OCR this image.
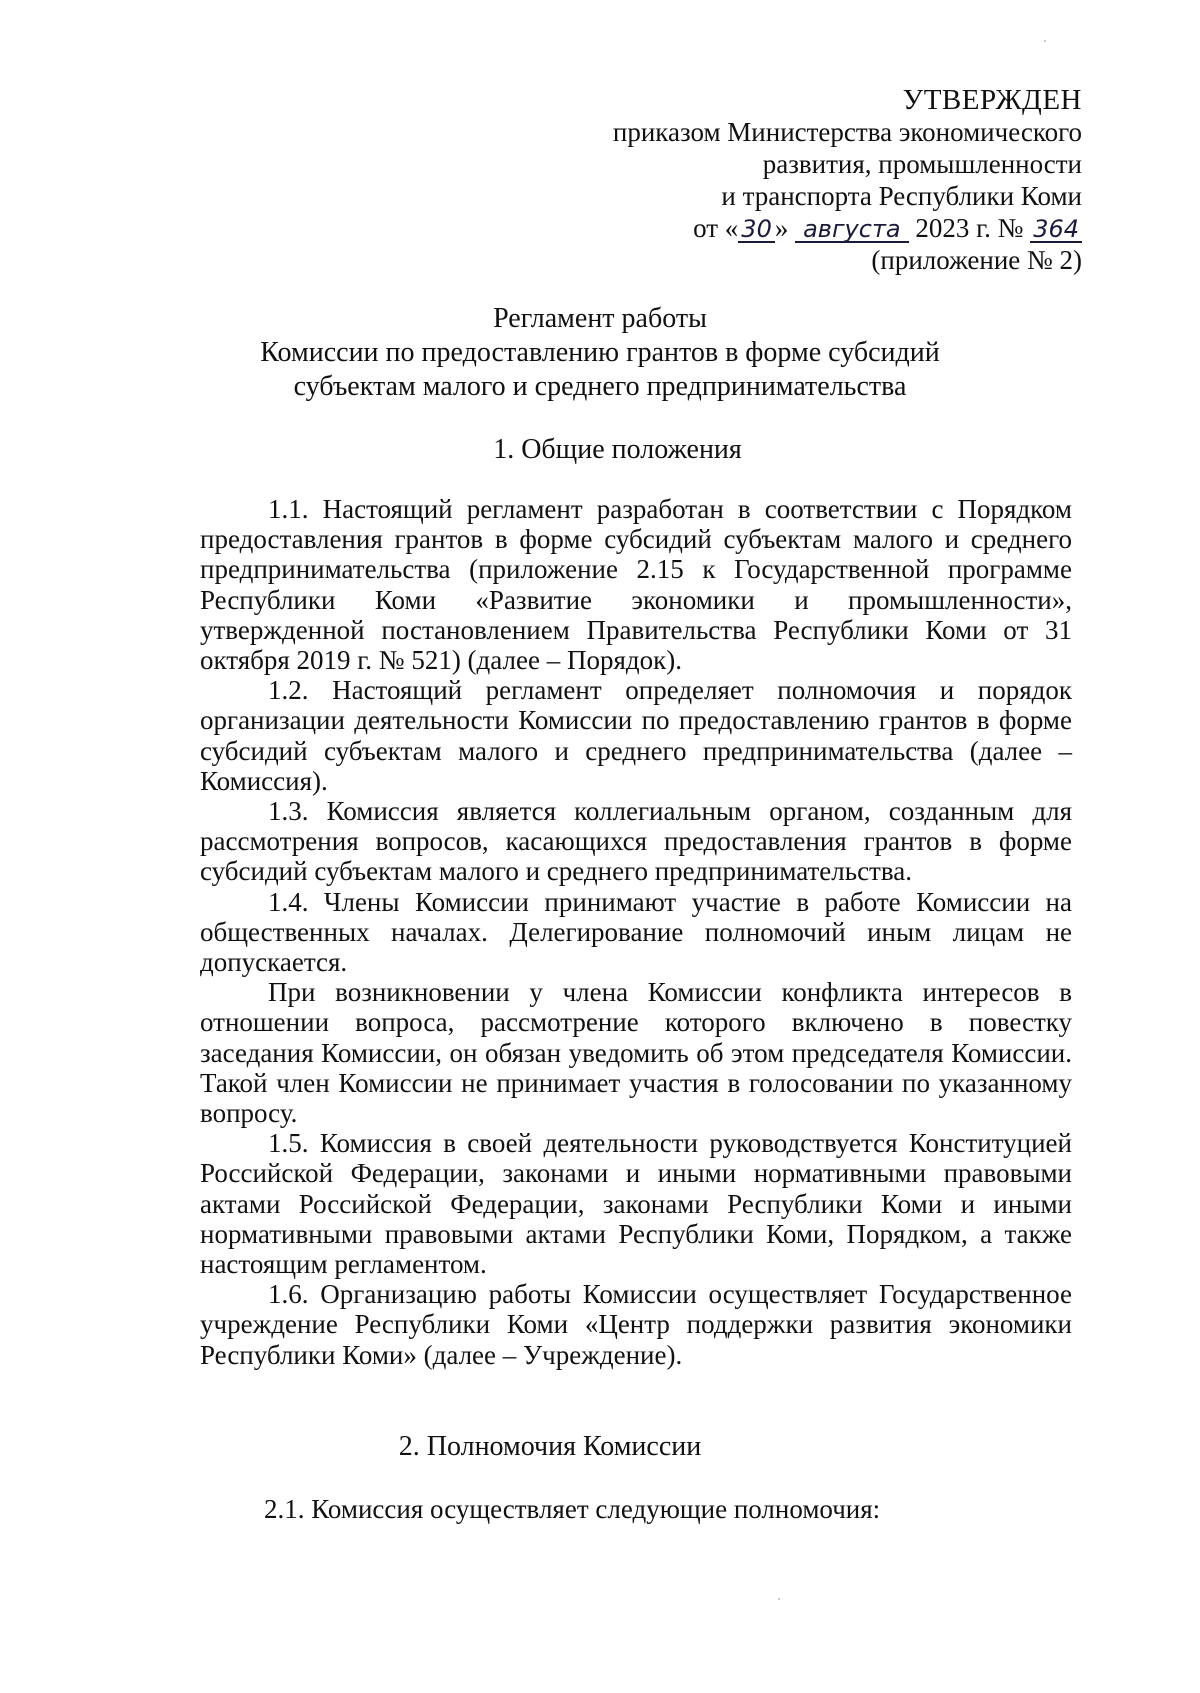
УТВЕРЖДЕН
приказом Министерства экономического
развития, промышленности
и транспорта Республики Коми
от « 30 » августа 2023 г. № 364
(приложение № 2)
Регламент работы
Комиссии по предоставлению грантов в форме субсидий
субъектам малого и среднего предпринимательства
1. Общие положения

1.1. Настоящий регламент разработан в соответствии с Порядком предоставления грантов в форме субсидий субъектам малого и среднего предпринимательства (приложение 2.15 к Государственной программе Республики Коми «Развитие экономики и промышленности», утвержденной постановлением Правительства Республики Коми от 31 октября 2019 г. № 521) (далее – Порядок).

1.2. Настоящий регламент определяет полномочия и порядок организации деятельности Комиссии по предоставлению грантов в форме субсидий субъектам малого и среднего предпринимательства (далее – Комиссия).

1.3. Комиссия является коллегиальным органом, созданным для рассмотрения вопросов, касающихся предоставления грантов в форме субсидий субъектам малого и среднего предпринимательства.

1.4. Члены Комиссии принимают участие в работе Комиссии на общественных началах. Делегирование полномочий иным лицам не допускается.

При возникновении у члена Комиссии конфликта интересов в отношении вопроса, рассмотрение которого включено в повестку заседания Комиссии, он обязан уведомить об этом председателя Комиссии. Такой член Комиссии не принимает участия в голосовании по указанному вопросу.

1.5. Комиссия в своей деятельности руководствуется Конституцией Российской Федерации, законами и иными нормативными правовыми актами Российской Федерации, законами Республики Коми и иными нормативными правовыми актами Республики Коми, Порядком, а также настоящим регламентом.

1.6. Организацию работы Комиссии осуществляет Государственное учреждение Республики Коми «Центр поддержки развития экономики Республики Коми» (далее – Учреждение).

2. Полномочия Комиссии
2.1. Комиссия осуществляет следующие полномочия:
